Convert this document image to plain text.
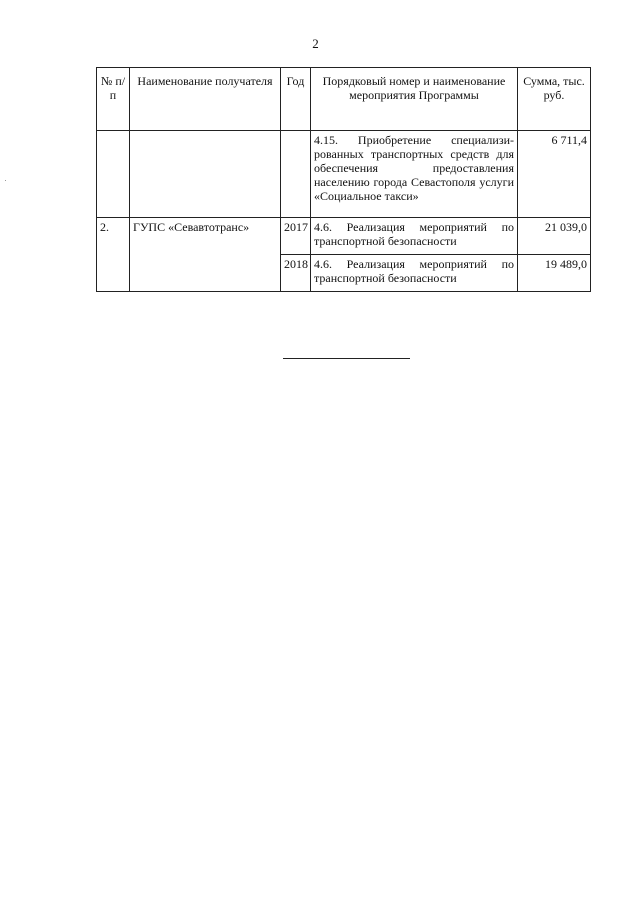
2
№ п/п	Наименование получателя	Год	Порядковый номер и наименование мероприятия Программы	Сумма, тыс. руб.
			4.15. Приобретение специализированных транспортных средств для обеспечения предоставления населению города Севастополя услуги «Социальное такси»	6 711,4
2.	ГУПС «Севавтотранс»	2017	4.6. Реализация мероприятий по транспортной безопасности	21 039,0
		2018	4.6. Реализация мероприятий по транспортной безопасности	19 489,0
